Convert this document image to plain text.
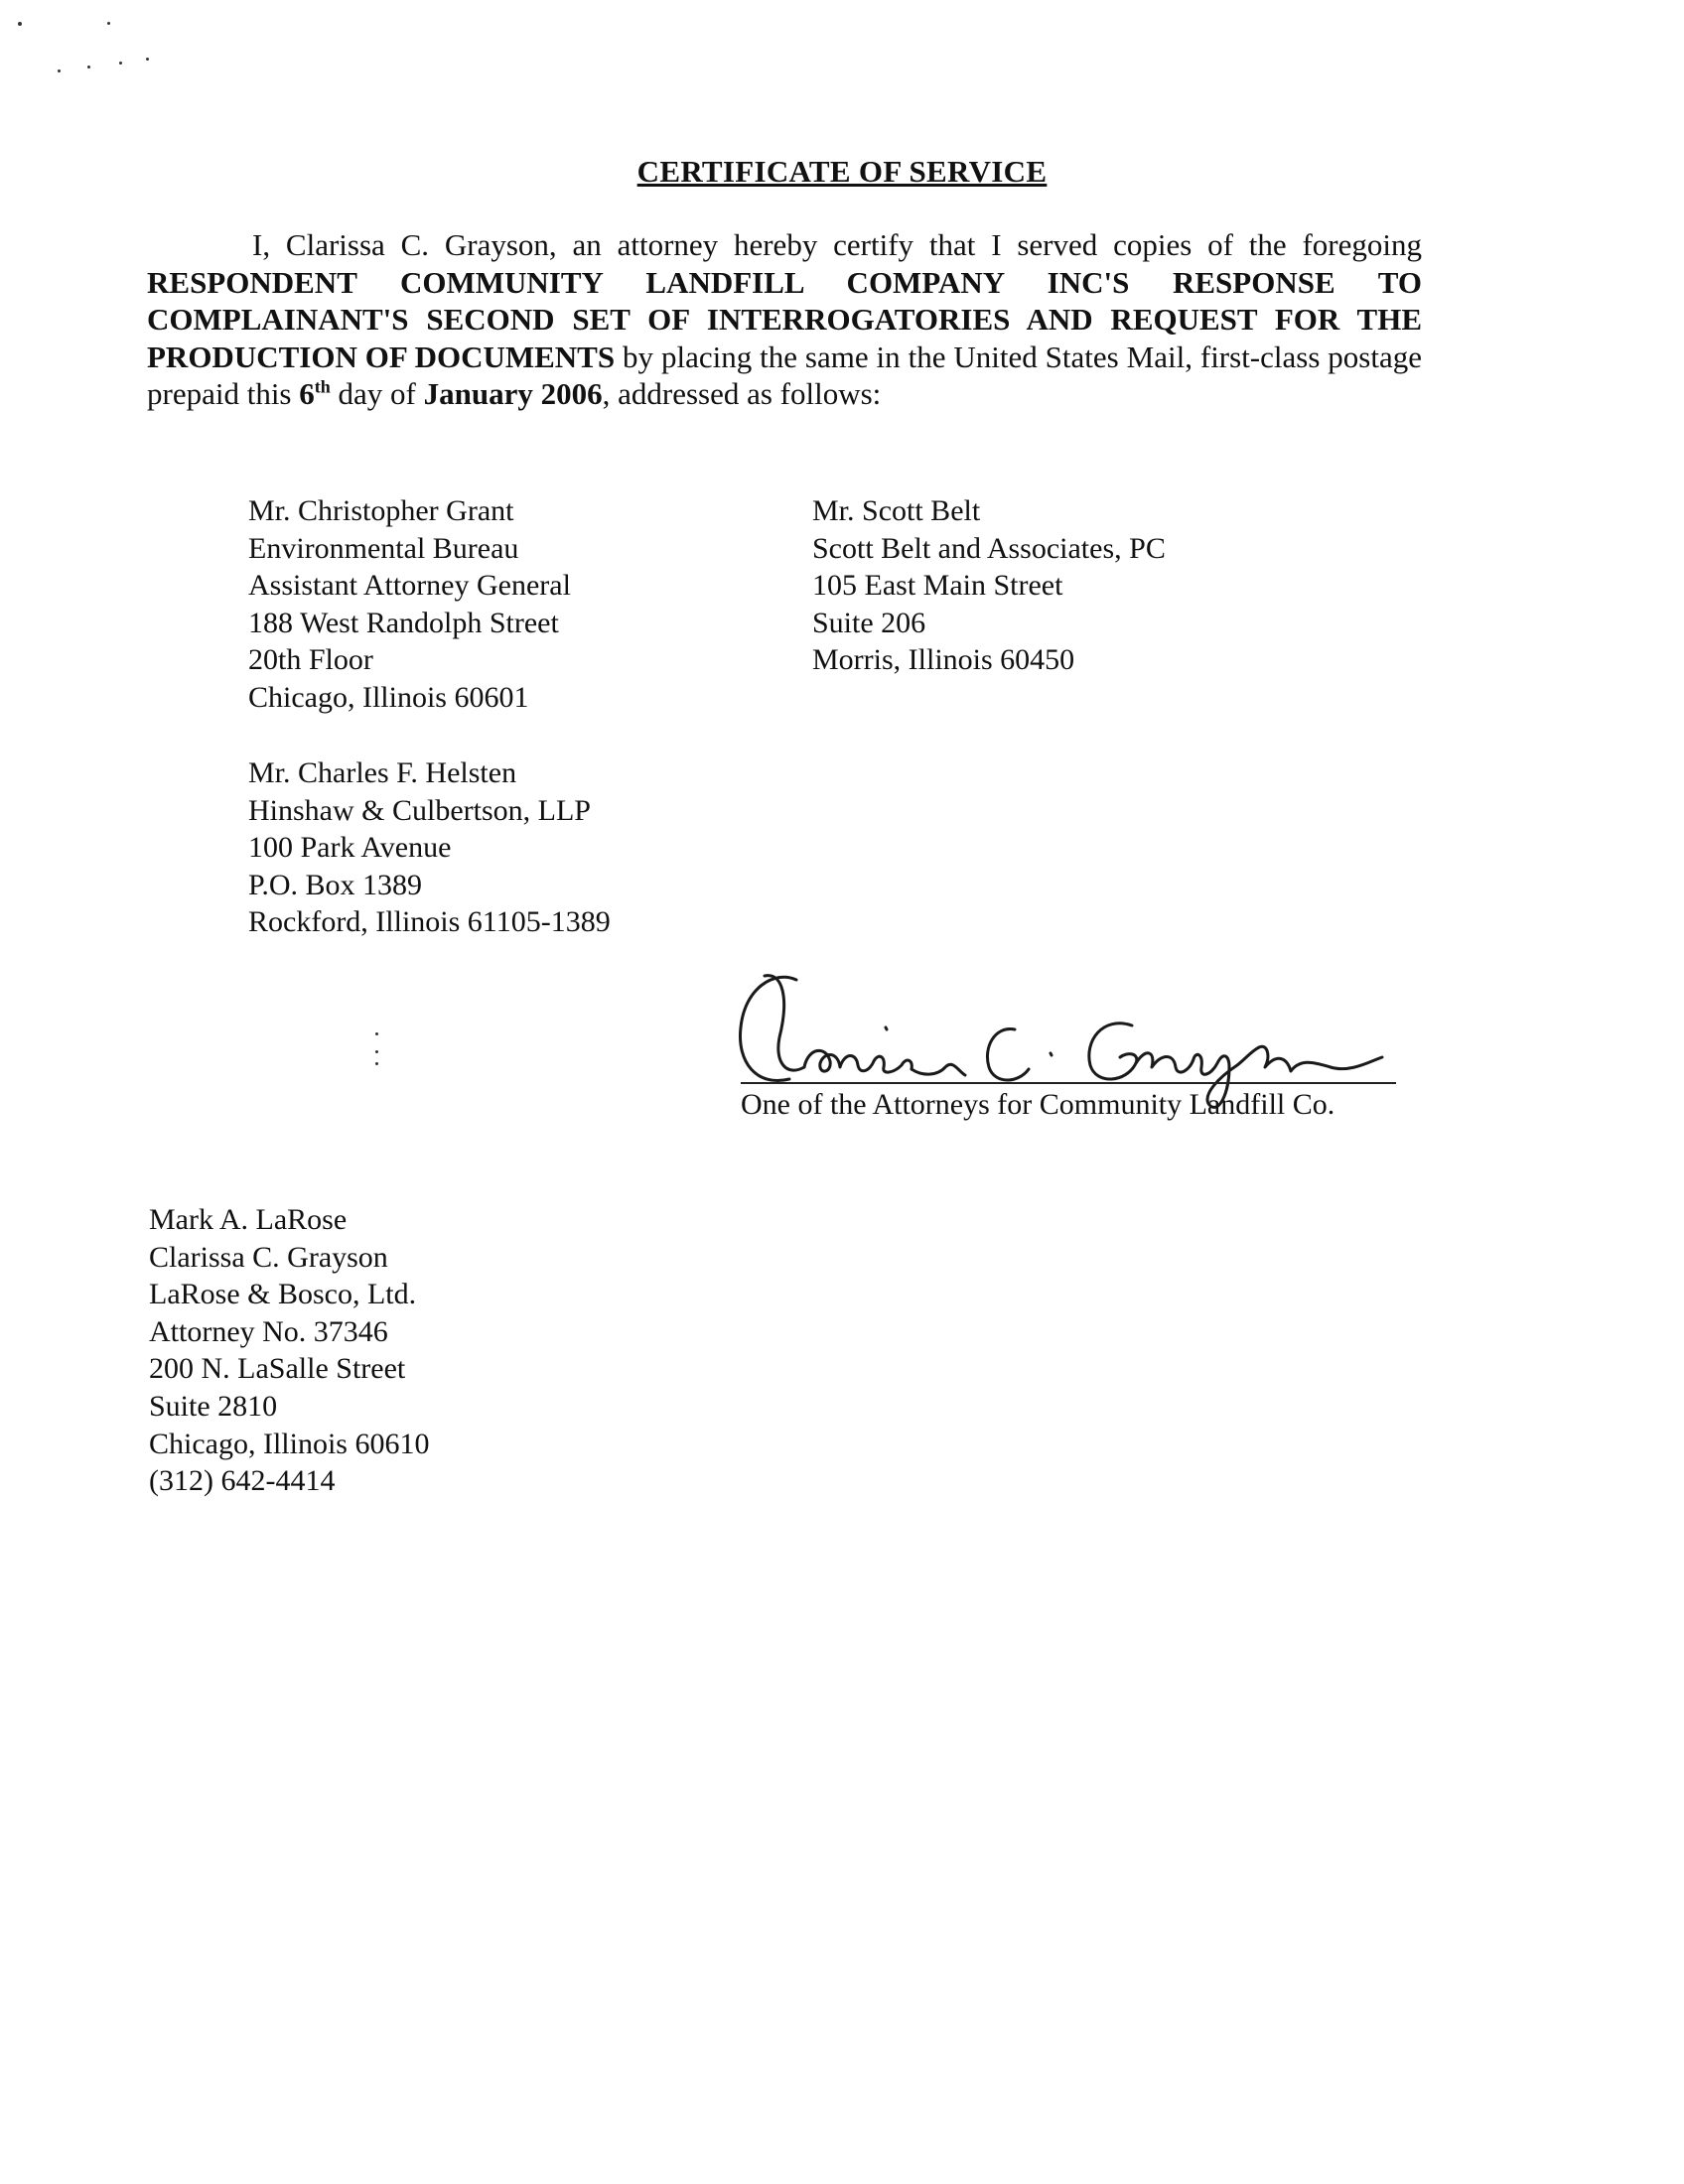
CERTIFICATE OF SERVICE
I, Clarissa C. Grayson, an attorney hereby certify that I served copies of the foregoing RESPONDENT COMMUNITY LANDFILL COMPANY INC'S RESPONSE TO COMPLAINANT'S SECOND SET OF INTERROGATORIES AND REQUEST FOR THE PRODUCTION OF DOCUMENTS by placing the same in the United States Mail, first-class postage prepaid this 6th day of January 2006, addressed as follows:
Mr. Christopher Grant
Environmental Bureau
Assistant Attorney General
188 West Randolph Street
20th Floor
Chicago, Illinois 60601
Mr. Scott Belt
Scott Belt and Associates, PC
105 East Main Street
Suite 206
Morris, Illinois 60450
Mr. Charles F. Helsten
Hinshaw & Culbertson, LLP
100 Park Avenue
P.O. Box 1389
Rockford, Illinois 61105-1389
One of the Attorneys for Community Landfill Co.
Mark A. LaRose
Clarissa C. Grayson
LaRose & Bosco, Ltd.
Attorney No. 37346
200 N. LaSalle Street
Suite 2810
Chicago, Illinois 60610
(312) 642-4414
